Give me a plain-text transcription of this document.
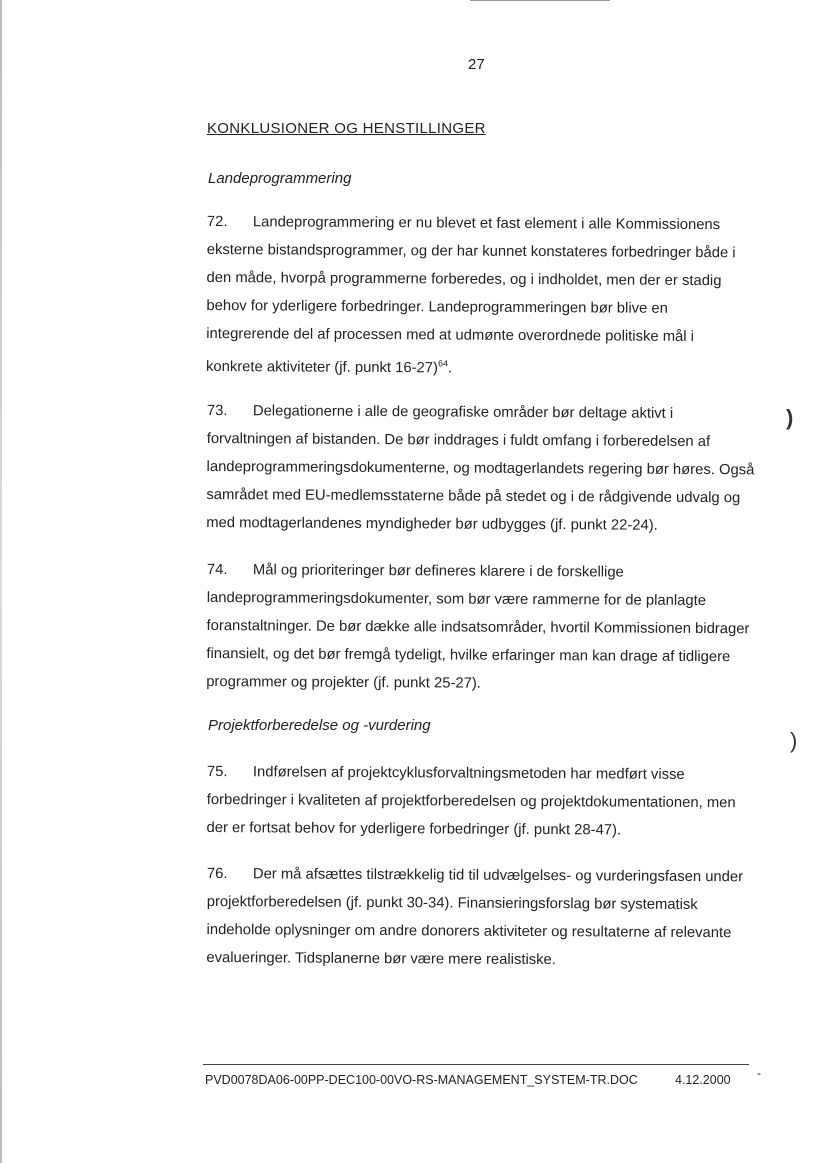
27
KONKLUSIONER OG HENSTILLINGER
Landeprogrammering

72. Landeprogrammering er nu blevet et fast element i alle Kommissionens eksterne bistandsprogrammer, og der har kunnet konstateres forbedringer både i den måde, hvorpå programmerne forberedes, og i indholdet, men der er stadig behov for yderligere forbedringer. Landeprogrammeringen bør blive en integrerende del af processen med at udmønte overordnede politiske mål i konkrete aktiviteter (jf. punkt 16-27)$^{64}$.

73. Delegationerne i alle de geografiske områder bør deltage aktivt i forvaltningen af bistanden. De bør inddrages i fuldt omfang i forberedelsen af landeprogrammeringsdokumenterne, og modtagerlandets regering bør høres. Også samrådet med EU-medlemsstaterne både på stedet og i de rådgivende udvalg og med modtagerlandenes myndigheder bør udbygges (jf. punkt 22-24).

74. Mål og prioriteringer bør defineres klarere i de forskellige landeprogrammeringsdokumenter, som bør være rammerne for de planlagte foranstaltninger. De bør dække alle indsatsområder, hvortil Kommissionen bidrager finansielt, og det bør fremgå tydeligt, hvilke erfaringer man kan drage af tidligere programmer og projekter (jf. punkt 25-27).

Projektforberedelse og -vurdering

75. Indførelsen af projektcyklusforvaltningsmetoden har medført visse forbedringer i kvaliteten af projektforberedelsen og projektdokumentationen, men der er fortsat behov for yderligere forbedringer (jf. punkt 28-47).

76. Der må afsættes tilstrækkelig tid til udvælgelses- og vurderingsfasen under projektforberedelsen (jf. punkt 30-34). Finansieringsforslag bør systematisk indeholde oplysninger om andre donorers aktiviteter og resultaterne af relevante evalueringer. Tidsplanerne bør være mere realistiske.

)
)
PVD0078DA06-00PP-DEC100-00VO-RS-MANAGEMENT_SYSTEM-TR.DOC	4.12.2000 -
